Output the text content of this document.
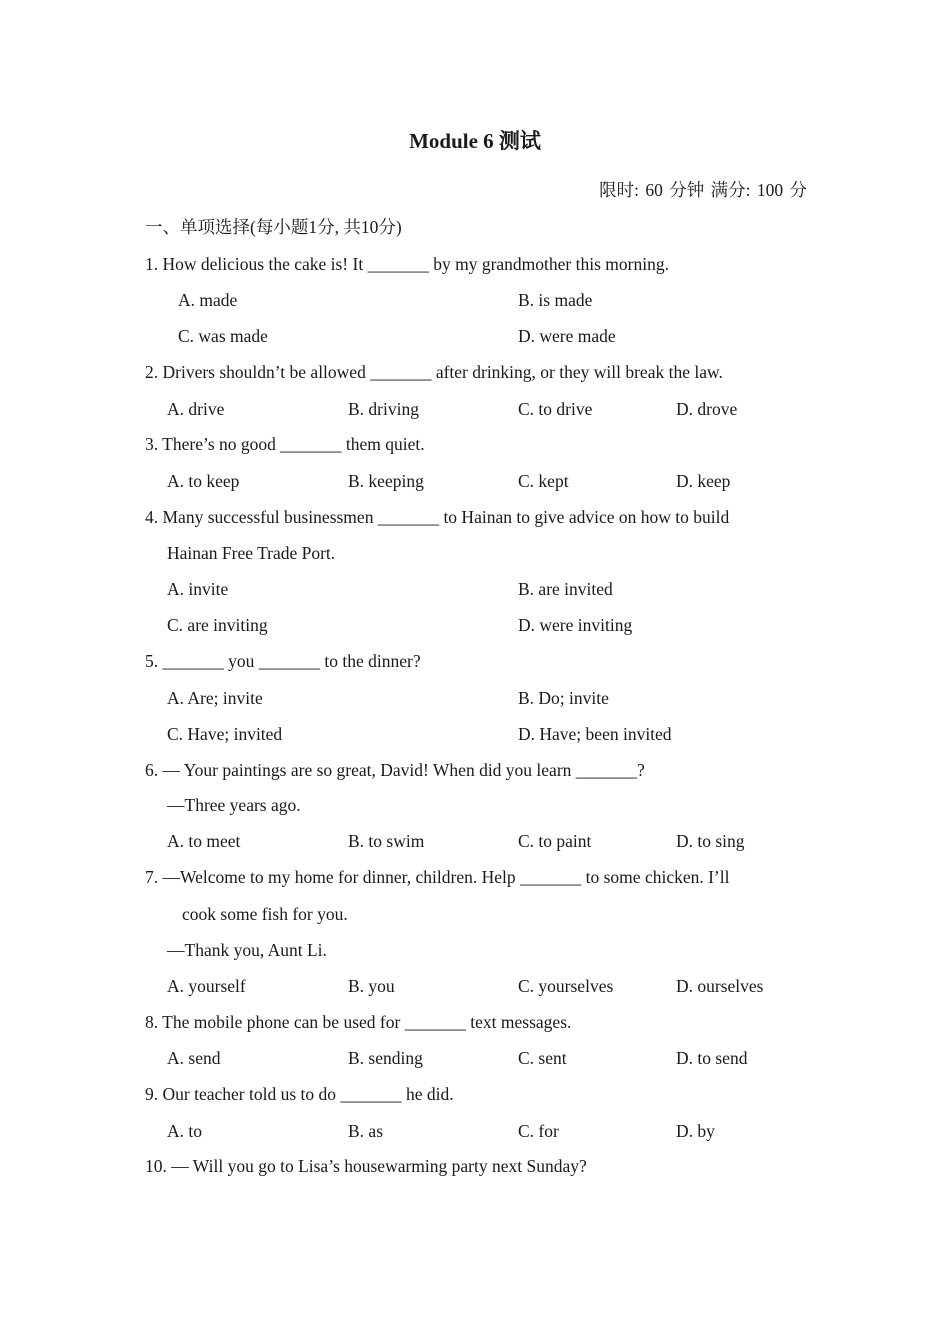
Module 6 测试
限时: 60 分钟 满分: 100 分
一、单项选择(每小题1分, 共10分)
1. How delicious the cake is! It _______ by my grandmother this morning.
A. made	B. is made
C. was made	D. were made
2. Drivers shouldn’t be allowed _______ after drinking, or they will break the law.
A. drive	B. driving	C. to drive	D. drove
3. There’s no good _______ them quiet.
A. to keep	B. keeping	C. kept	D. keep
4. Many successful businessmen _______ to Hainan to give advice on how to build
Hainan Free Trade Port.
A. invite	B. are invited
C. are inviting	D. were inviting
5. _______ you _______ to the dinner?
A. Are; invite	B. Do; invite
C. Have; invited	D. Have; been invited
6. — Your paintings are so great, David! When did you learn _______?
—Three years ago.
A. to meet	B. to swim	C. to paint	D. to sing
7. —Welcome to my home for dinner, children. Help _______ to some chicken. I’ll
cook some fish for you.
—Thank you, Aunt Li.
A. yourself	B. you	C. yourselves	D. ourselves
8. The mobile phone can be used for _______ text messages.
A. send	B. sending	C. sent	D. to send
9. Our teacher told us to do _______ he did.
A. to	B. as	C. for	D. by
10. — Will you go to Lisa’s housewarming party next Sunday?
